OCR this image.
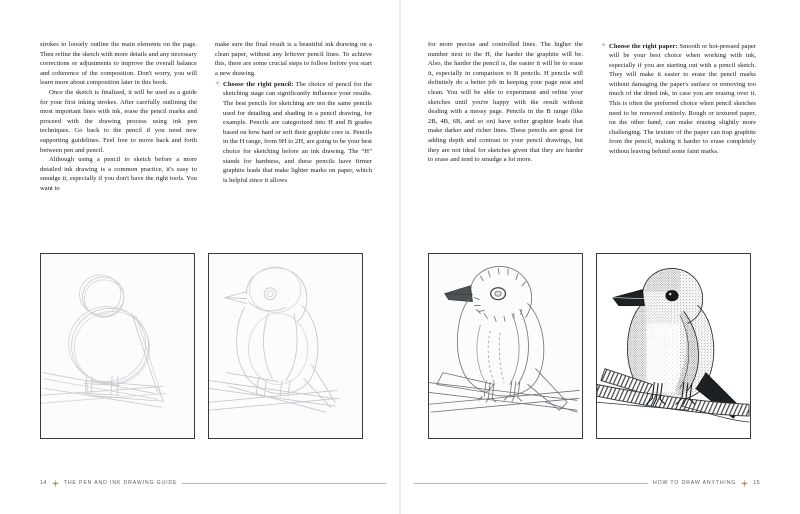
strokes to loosely outline the main elements on the page. Then refine the sketch with more details and any necessary corrections or adjustments to improve the overall balance and coherence of the composition. Don't worry, you will learn more about composition later in this book.

Once the sketch is finalized, it will be used as a guide for your first inking strokes. After carefully outlining the most important lines with ink, erase the pencil marks and proceed with the drawing process using ink pen techniques. Go back to the pencil if you need new supporting guidelines. Feel free to move back and forth between pen and pencil.

Although using a pencil to sketch before a more detailed ink drawing is a common practice, it's easy to smudge it, especially if you don't have the right tools. You want to

make sure the final result is a beautiful ink drawing on a clean paper, without any leftover pencil lines. To achieve this, there are some crucial steps to follow before you start a new drawing.

✧ Choose the right pencil: The choice of pencil for the sketching stage can significantly influence your results. The best pencils for sketching are not the same pencils used for detailing and shading in a pencil drawing, for example. Pencils are categorized into H and B grades based on how hard or soft their graphite core is. Pencils in the H range, from 9H to 2H, are going to be your best choice for sketching before an ink drawing. The “H” stands for hardness, and these pencils have firmer graphite leads that make lighter marks on paper, which is helpful since it allows

14	THE PEN AND INK DRAWING GUIDE

for more precise and controlled lines. The higher the number next to the H, the harder the graphite will be. Also, the harder the pencil is, the easier it will be to erase it, especially in comparison to B pencils. H pencils will definitely do a better job in keeping your page neat and clean. You will be able to experiment and refine your sketches until you're happy with the result without dealing with a messy page. Pencils in the B range (like 2B, 4B, 6B, and so on) have softer graphite leads that make darker and richer lines. These pencils are great for adding depth and contrast to your pencil drawings, but they are not ideal for sketches given that they are harder to erase and tend to smudge a lot more.

✧ Choose the right paper: Smooth or hot-pressed paper will be your best choice when working with ink, especially if you are starting out with a pencil sketch. They will make it easier to erase the pencil marks without damaging the paper's surface or removing too much of the dried ink, in case you are erasing over it. This is often the preferred choice when pencil sketches need to be removed entirely. Rough or textured paper, on the other hand, can make erasing slightly more challenging. The texture of the paper can trap graphite from the pencil, making it harder to erase completely without leaving behind some faint marks.

HOW TO DRAW ANYTHING	15
